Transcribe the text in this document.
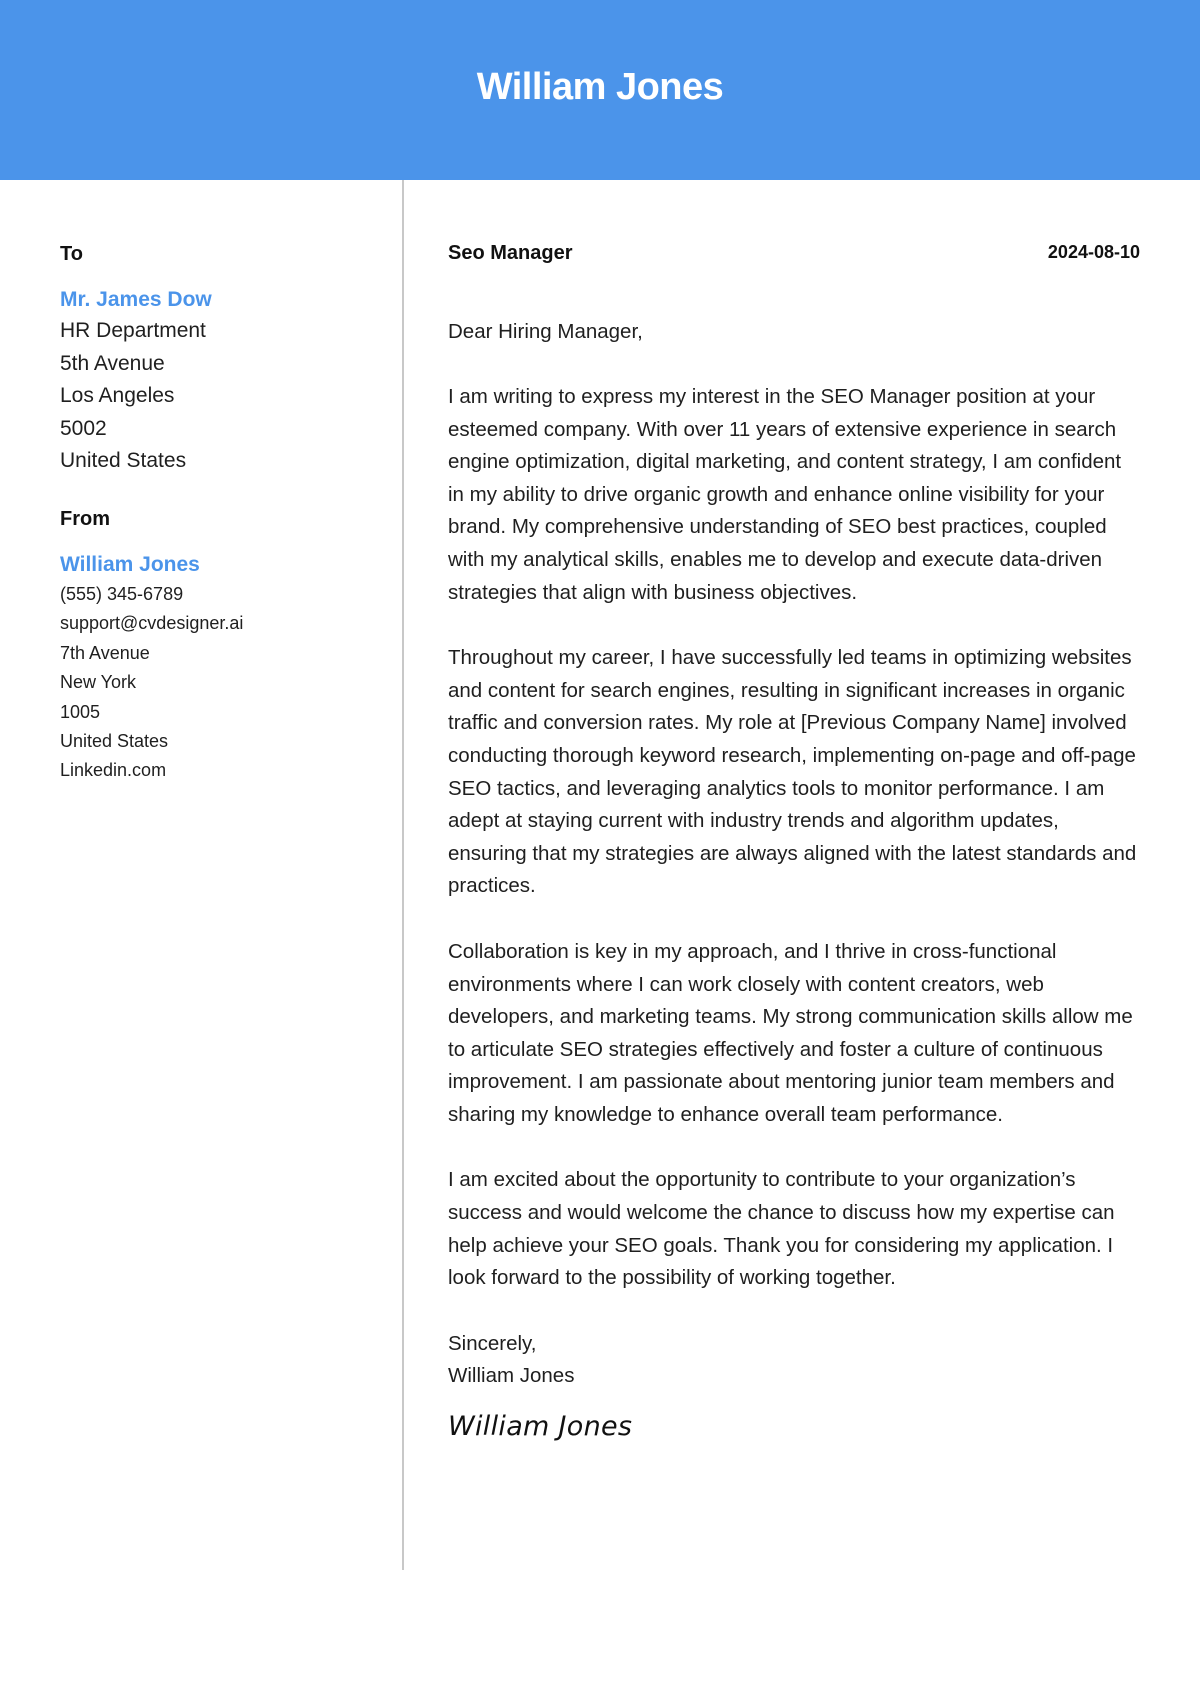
William Jones
To
Mr. James Dow
HR Department
5th Avenue
Los Angeles
5002
United States
From
William Jones
(555) 345-6789
support@cvdesigner.ai
7th Avenue
New York
1005
United States
Linkedin.com
Seo Manager	2024-08-10

Dear Hiring Manager,

I am writing to express my interest in the SEO Manager position at your esteemed company. With over 11 years of extensive experience in search engine optimization, digital marketing, and content strategy, I am confident in my ability to drive organic growth and enhance online visibility for your brand. My comprehensive understanding of SEO best practices, coupled with my analytical skills, enables me to develop and execute data-driven strategies that align with business objectives.

Throughout my career, I have successfully led teams in optimizing websites and content for search engines, resulting in significant increases in organic traffic and conversion rates. My role at [Previous Company Name] involved conducting thorough keyword research, implementing on-page and off-page SEO tactics, and leveraging analytics tools to monitor performance. I am adept at staying current with industry trends and algorithm updates, ensuring that my strategies are always aligned with the latest standards and practices.

Collaboration is key in my approach, and I thrive in cross-functional environments where I can work closely with content creators, web developers, and marketing teams. My strong communication skills allow me to articulate SEO strategies effectively and foster a culture of continuous improvement. I am passionate about mentoring junior team members and sharing my knowledge to enhance overall team performance.

I am excited about the opportunity to contribute to your organization’s success and would welcome the chance to discuss how my expertise can help achieve your SEO goals. Thank you for considering my application. I look forward to the possibility of working together.

Sincerely,
William Jones
William Jones
